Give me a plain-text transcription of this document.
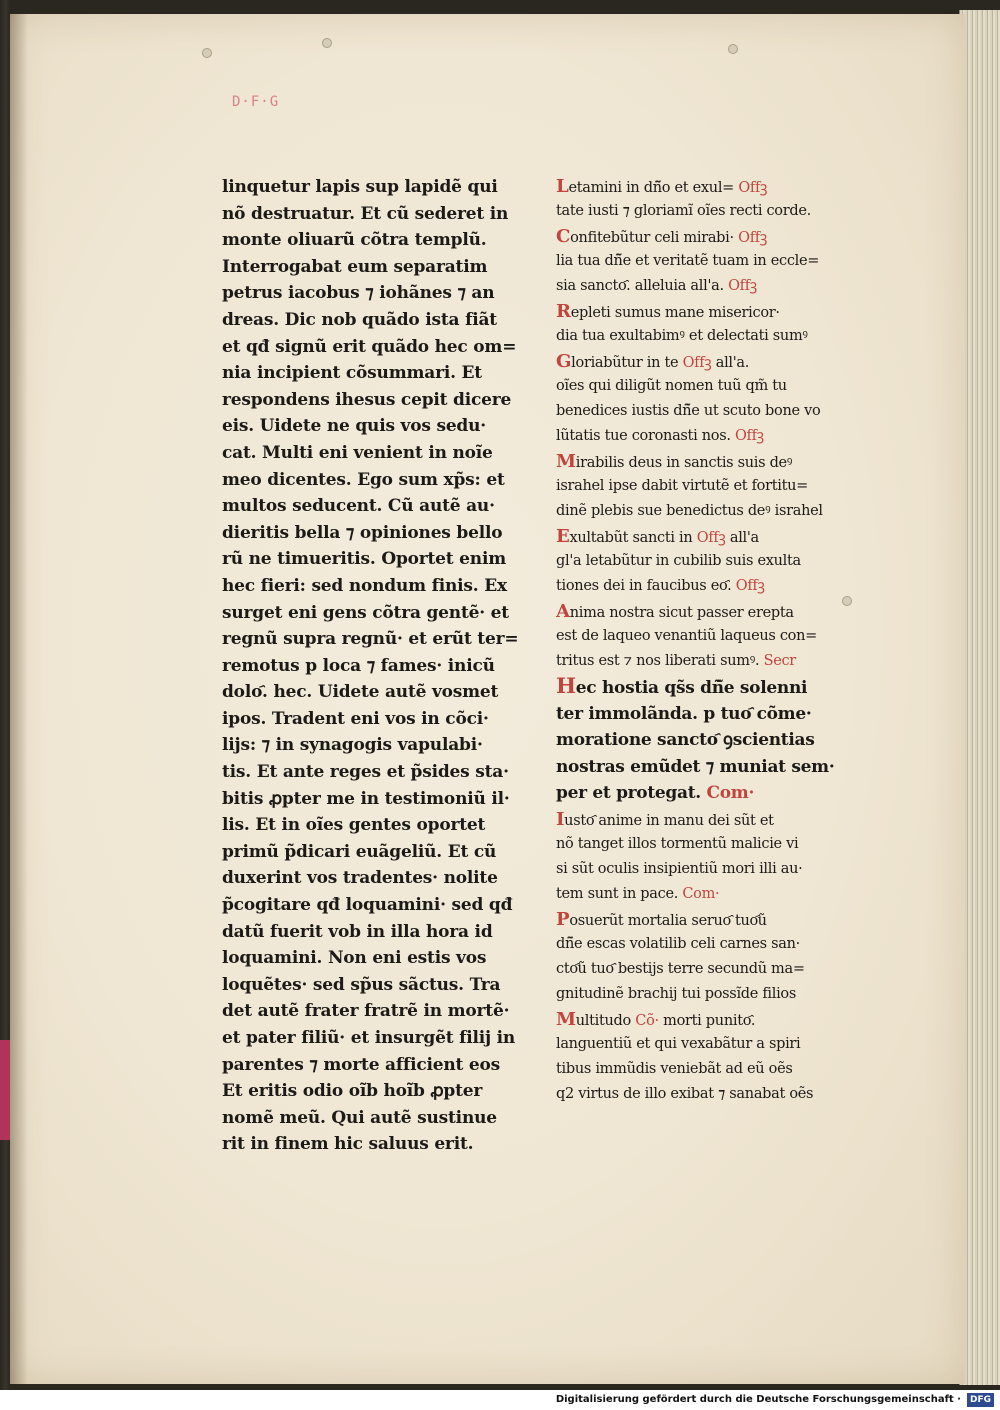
D·F·G
linquetur lapis sup lapidẽ qui
nõ destruatur. Et cũ sederet in
monte oliuarũ cõtra templũ.
Interrogabat eum separatim
petrus iacobus ⁊ iohãnes ⁊ an
dreas. Dic nob quãdo ista fiãt
et qđ signũ erit quãdo hec om=
nia incipient cõsummari. Et
respondens ihesus cepit dicere
eis. Uidete ne quis vos sedu·
cat. Multi eni venient in noĩe
meo dicentes. Ego sum xp̃s: et
multos seducent. Cũ autẽ au·
dieritis bella ⁊ opiniones bello
rũ ne timueritis. Oportet enim
hec fieri: sed nondum finis. Ex
surget eni gens cõtra gentẽ· et
regnũ supra regnũ· et erũt ter=
remotus p loca ⁊ fames· inicũ
dolo҄. hec. Uidete autẽ vosmet
ipos. Tradent eni vos in cõci·
lijs: ⁊ in synagogis vapulabi·
tis. Et ante reges et p̃sides sta·
bitis ꝓpter me in testimoniũ il·
lis. Et in oĩes gentes oportet
primũ p̃dicari euãgeliũ. Et cũ
duxerint vos tradentes· nolite
p̃cogitare qđ loquamini· sed qđ
datũ fuerit vob in illa hora id
loquamini. Non eni estis vos
loquẽtes· sed sp̃us sãctus. Tra
det autẽ frater fratrẽ in mortẽ·
et pater filiũ· et insurgẽt filij in
parentes ⁊ morte afficient eos
Et eritis odio oĩb hoĩb ꝓpter
nomẽ meũ. Qui autẽ sustinue
rit in finem hic saluus erit.
Letamini in dñ̃o et exul= Offꝫ
tate iusti ⁊ gloriamĩ oĩes recti corde.
Confitebũtur celi mirabi· Offꝫ
lia tua dñ̃e et veritatẽ tuam in eccle=
sia sancto҄. alleluia all'a. Offꝫ
Repleti sumus mane misericor·
dia tua exultabimꝰ et delectati sumꝰ
Gloriabũtur in te Offꝫ all'a.
oĩes qui diligũt nomen tuũ qm̃ tu
benedices iustis dñ̃e ut scuto bone vo
lũtatis tue coronasti nos. Offꝫ
Mirabilis deus in sanctis suis deꝰ
israhel ipse dabit virtutẽ et fortitu=
dinẽ plebis sue benedictus deꝰ israhel
Exultabũt sancti in Offꝫ all'a
gl'a letabũtur in cubilib suis exulta
tiones dei in faucibus eo҄. Offꝫ
Anima nostra sicut passer erepta
est de laqueo venantiũ laqueus con=
tritus est ⁊ nos liberati sumꝰ. Secr
Hec hostia qs̃s dñ̃e solenni
ter immolãnda. p tuo҄ cõme·
moratione sancto҄ ꝯscientias
nostras emũdet ⁊ muniat sem·
per et protegat. Com·
Iusto҄ anime in manu dei sũt et
nõ tanget illos tormentũ malicie vi
si sũt oculis insipientiũ mori illi au·
tem sunt in pace. Com·
Posuerũt mortalia seruo҄ tuo҄ũ
dñ̃e escas volatilib celi carnes san·
cto҄ũ tuo҄ bestijs terre secundũ ma=
gnitudinẽ brachij tui possĩde filios
Multitudo Cõ· morti punito҄.
languentiũ et qui vexabãtur a spiri
tibus immũdis veniebãt ad eũ oẽs
q2 virtus de illo exibat ⁊ sanabat oẽs
Digitalisierung gefördert durch die Deutsche Forschungsgemeinschaft · DFG
